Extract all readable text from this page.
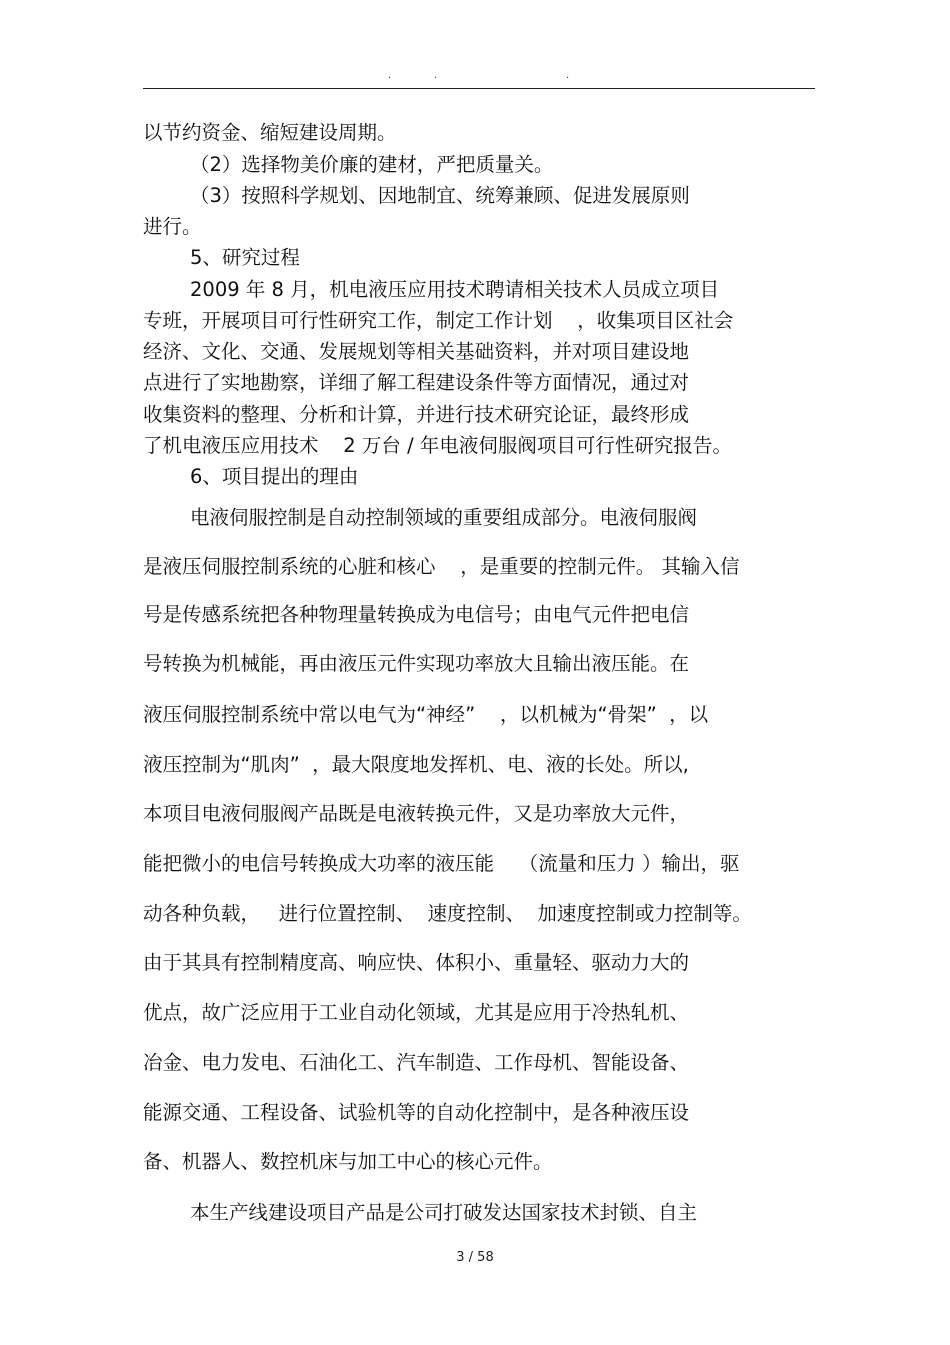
.	.	.
以节约资金、缩短建设周期。
（2）选择物美价廉的建材，严把质量关。
（3）按照科学规划、因地制宜、统筹兼顾、促进发展原则
进行。
5、研究过程
2009 年 8 月，机电液压应用技术聘请相关技术人员成立项目
专班，开展项目可行性研究工作，制定工作计划    ，收集项目区社会
经济、文化、交通、发展规划等相关基础资料，并对项目建设地
点进行了实地勘察，详细了解工程建设条件等方面情况，通过对
收集资料的整理、分析和计算，并进行技术研究论证，最终形成
了机电液压应用技术    2 万台 / 年电液伺服阀项目可行性研究报告。
6、项目提出的理由
电液伺服控制是自动控制领域的重要组成部分。电液伺服阀
是液压伺服控制系统的心脏和核心    ，是重要的控制元件。 其输入信
号是传感系统把各种物理量转换成为电信号；由电气元件把电信
号转换为机械能，再由液压元件实现功率放大且输出液压能。在
液压伺服控制系统中常以电气为“神经”    ，以机械为“骨架”  ，以
液压控制为“肌肉”  ，最大限度地发挥机、电、液的长处。所以,
本项目电液伺服阀产品既是电液转换元件，又是功率放大元件，
能把微小的电信号转换成大功率的液压能    （流量和压力 ）输出，驱
动各种负载，   进行位置控制、  速度控制、  加速度控制或力控制等。
由于其具有控制精度高、响应快、体积小、重量轻、驱动力大的
优点，故广泛应用于工业自动化领域，尤其是应用于冷热轧机、
冶金、电力发电、石油化工、汽车制造、工作母机、智能设备、
能源交通、工程设备、试验机等的自动化控制中，是各种液压设
备、机器人、数控机床与加工中心的核心元件。
本生产线建设项目产品是公司打破发达国家技术封锁、自主
3 / 58
